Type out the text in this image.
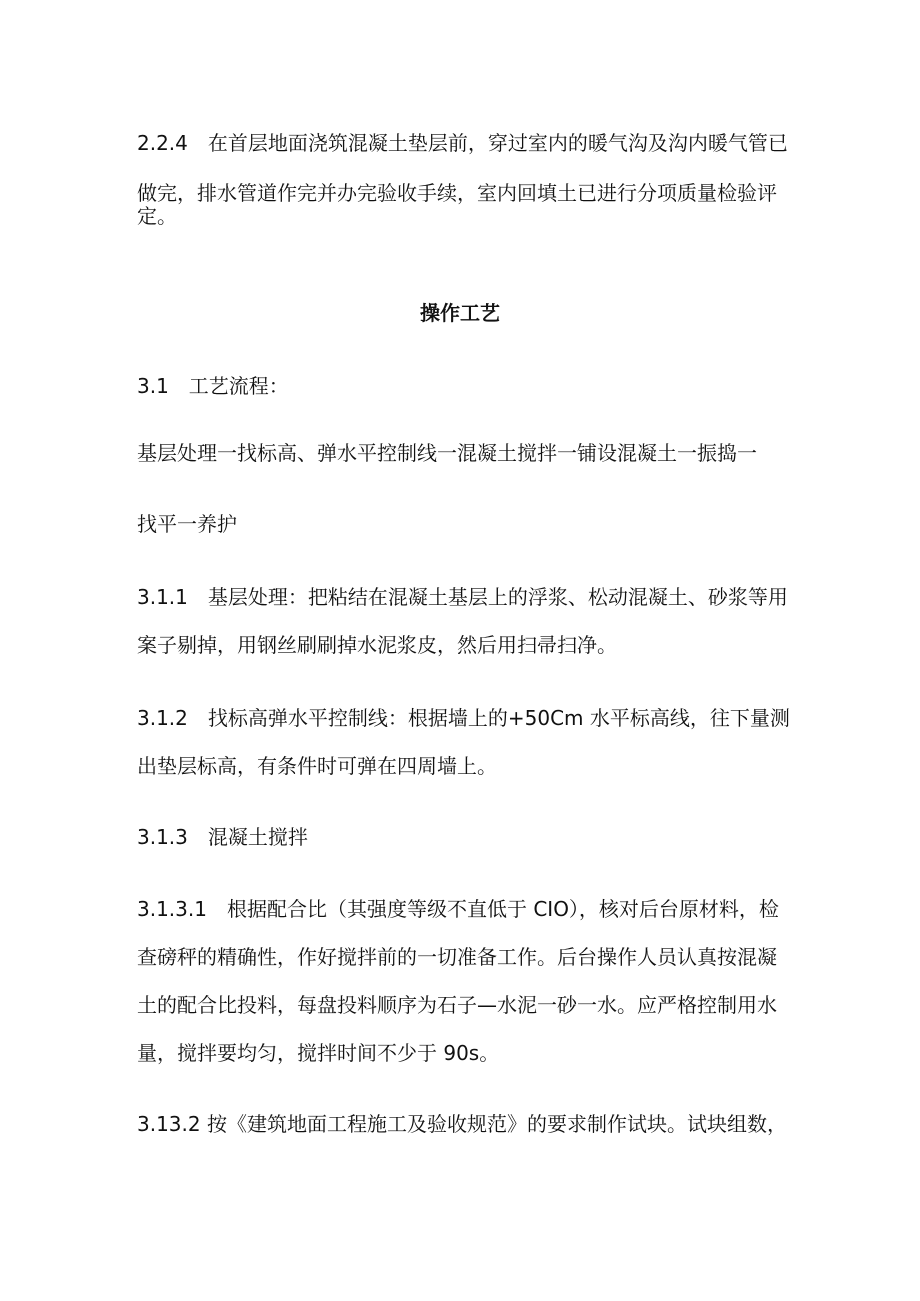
2.2.4　在首层地面浇筑混凝土垫层前，穿过室内的暖气沟及沟内暖气管已
做完，排水管道作完并办完验收手续，室内回填土已进行分项质量检验评
定。
操作工艺
3.1　工艺流程：
基层处理一找标高、弹水平控制线一混凝土搅拌一铺设混凝土一振捣一
找平一养护
3.1.1　基层处理：把粘结在混凝土基层上的浮浆、松动混凝土、砂浆等用
案子剔掉，用钢丝刷刷掉水泥浆皮，然后用扫帚扫净。
3.1.2　找标高弹水平控制线：根据墙上的+50Cm 水平标高线，往下量测
出垫层标高，有条件时可弹在四周墙上。
3.1.3　混凝土搅拌
3.1.3.1　根据配合比（其强度等级不直低于 CIO），核对后台原材料，检
查磅秤的精确性，作好搅拌前的一切准备工作。后台操作人员认真按混凝
土的配合比投料，每盘投料顺序为石子—水泥一砂一水。应严格控制用水
量，搅拌要均匀，搅拌时间不少于 90s。
3.13.2 按《建筑地面工程施工及验收规范》的要求制作试块。试块组数，
